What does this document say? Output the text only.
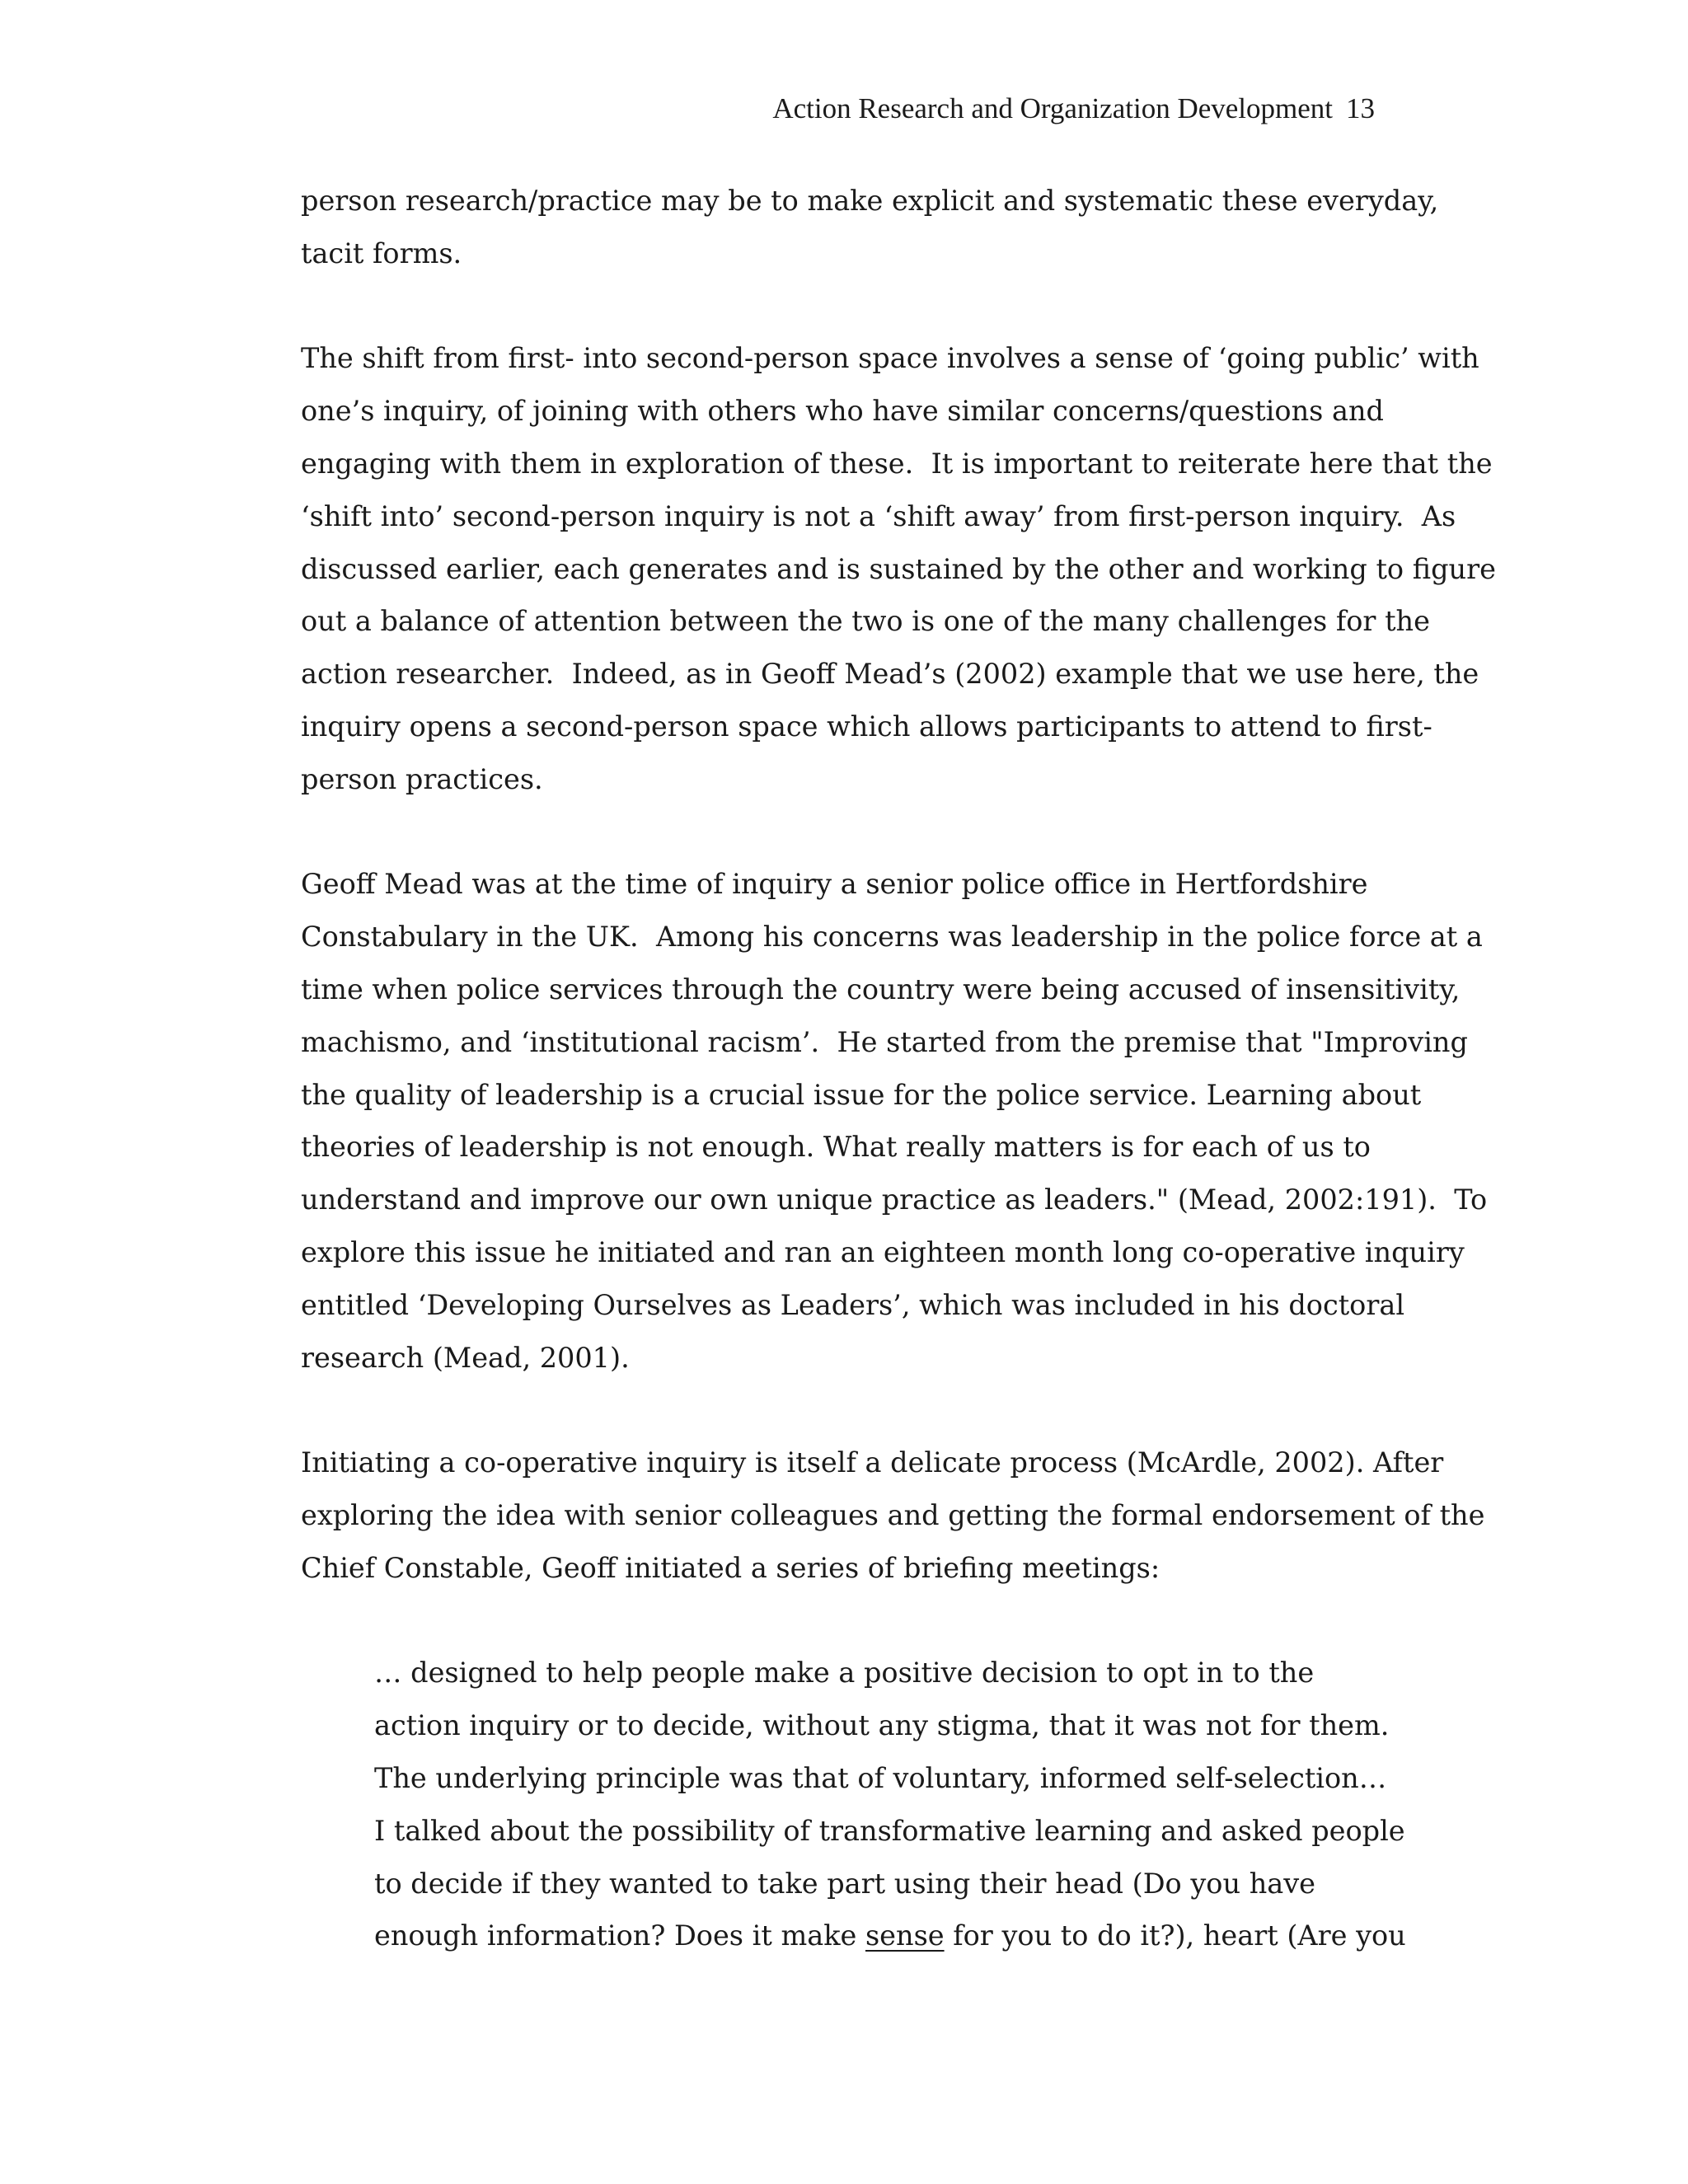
Action Research and Organization Development 13
person research/practice may be to make explicit and systematic these everyday,
tacit forms.
The shift from first- into second-person space involves a sense of ‘going public’ with
one’s inquiry, of joining with others who have similar concerns/questions and
engaging with them in exploration of these.  It is important to reiterate here that the
‘shift into’ second-person inquiry is not a ‘shift away’ from first-person inquiry.  As
discussed earlier, each generates and is sustained by the other and working to figure
out a balance of attention between the two is one of the many challenges for the
action researcher.  Indeed, as in Geoff Mead’s (2002) example that we use here, the
inquiry opens a second-person space which allows participants to attend to first-
person practices.
Geoff Mead was at the time of inquiry a senior police office in Hertfordshire
Constabulary in the UK.  Among his concerns was leadership in the police force at a
time when police services through the country were being accused of insensitivity,
machismo, and ‘institutional racism’.  He started from the premise that "Improving
the quality of leadership is a crucial issue for the police service. Learning about
theories of leadership is not enough. What really matters is for each of us to
understand and improve our own unique practice as leaders." (Mead, 2002:191).  To
explore this issue he initiated and ran an eighteen month long co-operative inquiry
entitled ‘Developing Ourselves as Leaders’, which was included in his doctoral
research (Mead, 2001).
Initiating a co-operative inquiry is itself a delicate process (McArdle, 2002). After
exploring the idea with senior colleagues and getting the formal endorsement of the
Chief Constable, Geoff initiated a series of briefing meetings:
… designed to help people make a positive decision to opt in to the
action inquiry or to decide, without any stigma, that it was not for them.
The underlying principle was that of voluntary, informed self-selection…
I talked about the possibility of transformative learning and asked people
to decide if they wanted to take part using their head (Do you have
enough information? Does it make sense for you to do it?), heart (Are you
